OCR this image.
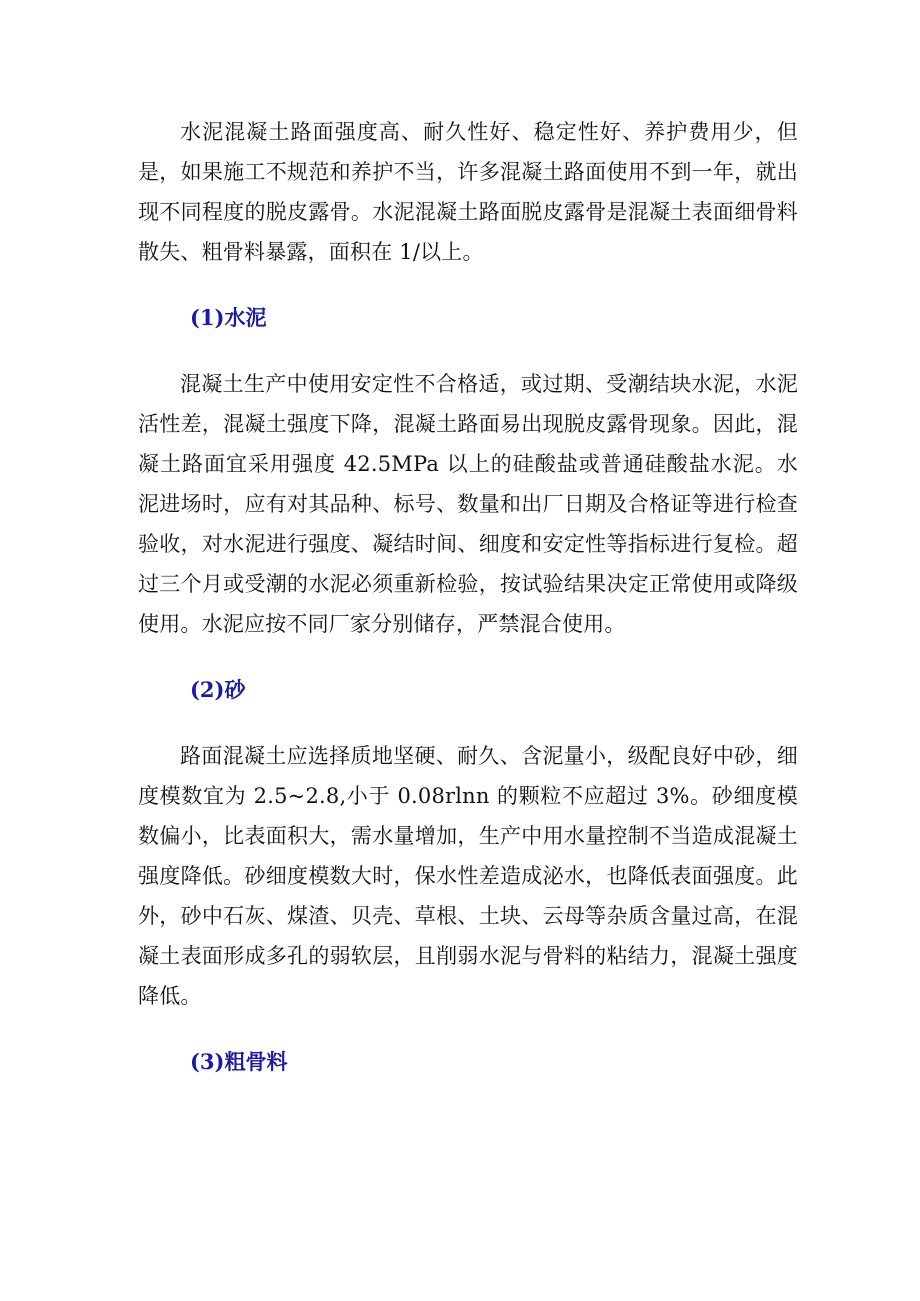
水泥混凝土路面强度高、耐久性好、稳定性好、养护费用少，但是，如果施工不规范和养护不当，许多混凝土路面使用不到一年，就出现不同程度的脱皮露骨。水泥混凝土路面脱皮露骨是混凝土表面细骨料散失、粗骨料暴露，面积在 1/以上。

(1)水泥

混凝土生产中使用安定性不合格适，或过期、受潮结块水泥，水泥活性差，混凝土强度下降，混凝土路面易出现脱皮露骨现象。因此，混凝土路面宜采用强度 42.5MPa 以上的硅酸盐或普通硅酸盐水泥。水泥进场时，应有对其品种、标号、数量和出厂日期及合格证等进行检查验收，对水泥进行强度、凝结时间、细度和安定性等指标进行复检。超过三个月或受潮的水泥必须重新检验，按试验结果决定正常使用或降级使用。水泥应按不同厂家分别储存，严禁混合使用。

(2)砂

路面混凝土应选择质地坚硬、耐久、含泥量小，级配良好中砂，细度模数宜为 2.5~2.8,小于 0.08rlnn 的颗粒不应超过 3%。砂细度模数偏小，比表面积大，需水量增加，生产中用水量控制不当造成混凝土强度降低。砂细度模数大时，保水性差造成泌水，也降低表面强度。此外，砂中石灰、煤渣、贝壳、草根、土块、云母等杂质含量过高，在混凝土表面形成多孔的弱软层，且削弱水泥与骨料的粘结力，混凝土强度降低。

(3)粗骨料
